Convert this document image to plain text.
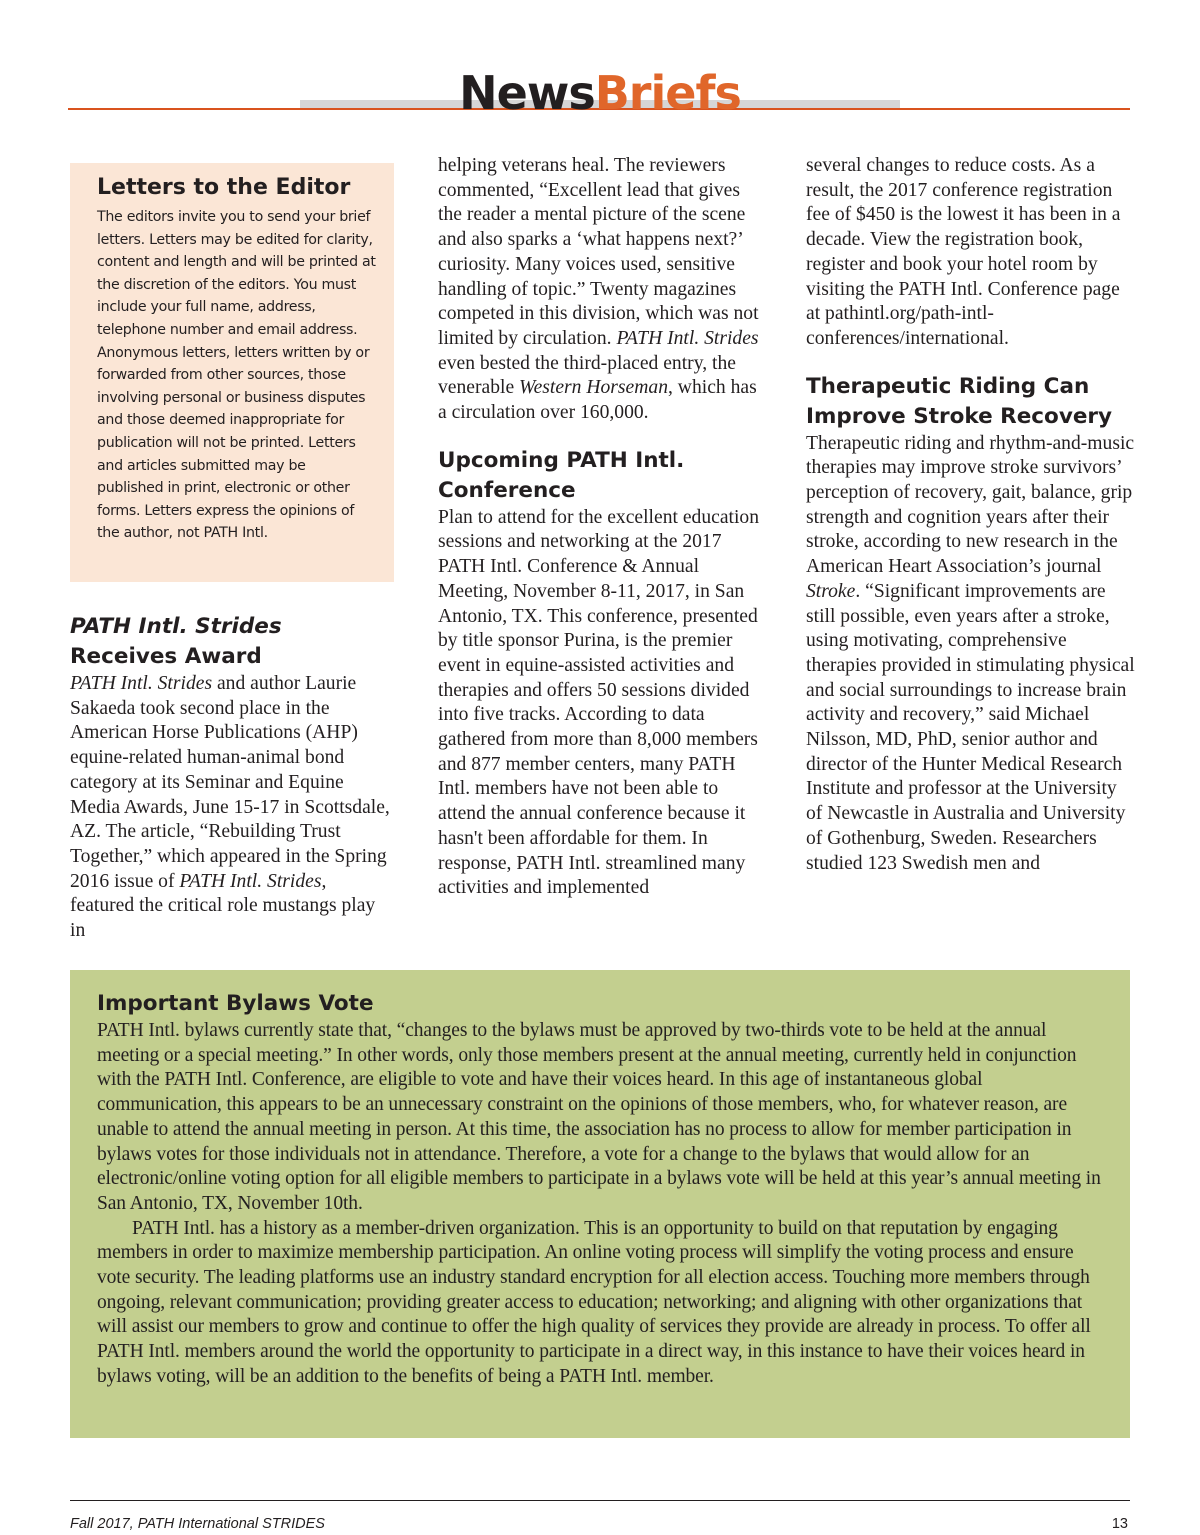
NewsBriefs
Letters to the Editor

The editors invite you to send your brief letters. Letters may be edited for clarity, content and length and will be printed at the discretion of the editors. You must include your full name, address, telephone number and email address. Anonymous letters, letters written by or forwarded from other sources, those involving personal or business disputes and those deemed inappropriate for publication will not be printed. Letters and articles submitted may be published in print, electronic or other forms. Letters express the opinions of the author, not PATH Intl.

PATH Intl. Strides
Receives Award

PATH Intl. Strides and author Laurie Sakaeda took second place in the American Horse Publications (AHP) equine-related human-animal bond category at its Seminar and Equine Media Awards, June 15-17 in Scottsdale, AZ. The article, “Rebuilding Trust Together,” which appeared in the Spring 2016 issue of PATH Intl. Strides, featured the critical role mustangs play in

helping veterans heal. The reviewers commented, “Excellent lead that gives the reader a mental picture of the scene and also sparks a ‘what happens next?’ curiosity. Many voices used, sensitive handling of topic.” Twenty magazines competed in this division, which was not limited by circulation. PATH Intl. Strides even bested the third-placed entry, the venerable Western Horseman, which has a circulation over 160,000.

Upcoming PATH Intl. Conference

Plan to attend for the excellent education sessions and networking at the 2017 PATH Intl. Conference & Annual Meeting, November 8-11, 2017, in San Antonio, TX. This conference, presented by title sponsor Purina, is the premier event in equine-assisted activities and therapies and offers 50 sessions divided into five tracks. According to data gathered from more than 8,000 members and 877 member centers, many PATH Intl. members have not been able to attend the annual conference because it hasn't been affordable for them. In response, PATH Intl. streamlined many activities and implemented

several changes to reduce costs. As a result, the 2017 conference registration fee of $450 is the lowest it has been in a decade. View the registration book, register and book your hotel room by visiting the PATH Intl. Conference page at pathintl.org/path-intl-conferences/international.

Therapeutic Riding Can Improve Stroke Recovery

Therapeutic riding and rhythm-and-music therapies may improve stroke survivors’ perception of recovery, gait, balance, grip strength and cognition years after their stroke, according to new research in the American Heart Association’s journal Stroke. “Significant improvements are still possible, even years after a stroke, using motivating, comprehensive therapies provided in stimulating physical and social surroundings to increase brain activity and recovery,” said Michael Nilsson, MD, PhD, senior author and director of the Hunter Medical Research Institute and professor at the University of Newcastle in Australia and University of Gothenburg, Sweden. Researchers studied 123 Swedish men and

Important Bylaws Vote

PATH Intl. bylaws currently state that, “changes to the bylaws must be approved by two-thirds vote to be held at the annual meeting or a special meeting.” In other words, only those members present at the annual meeting, currently held in conjunction with the PATH Intl. Conference, are eligible to vote and have their voices heard. In this age of instantaneous global communication, this appears to be an unnecessary constraint on the opinions of those members, who, for whatever reason, are unable to attend the annual meeting in person. At this time, the association has no process to allow for member participation in bylaws votes for those individuals not in attendance. Therefore, a vote for a change to the bylaws that would allow for an electronic/online voting option for all eligible members to participate in a bylaws vote will be held at this year’s annual meeting in San Antonio, TX, November 10th.

PATH Intl. has a history as a member-driven organization. This is an opportunity to build on that reputation by engaging members in order to maximize membership participation. An online voting process will simplify the voting process and ensure vote security. The leading platforms use an industry standard encryption for all election access. Touching more members through ongoing, relevant communication; providing greater access to education; networking; and aligning with other organizations that will assist our members to grow and continue to offer the high quality of services they provide are already in process. To offer all PATH Intl. members around the world the opportunity to participate in a direct way, in this instance to have their voices heard in bylaws voting, will be an addition to the benefits of being a PATH Intl. member.

Fall 2017, PATH International STRIDES	13
